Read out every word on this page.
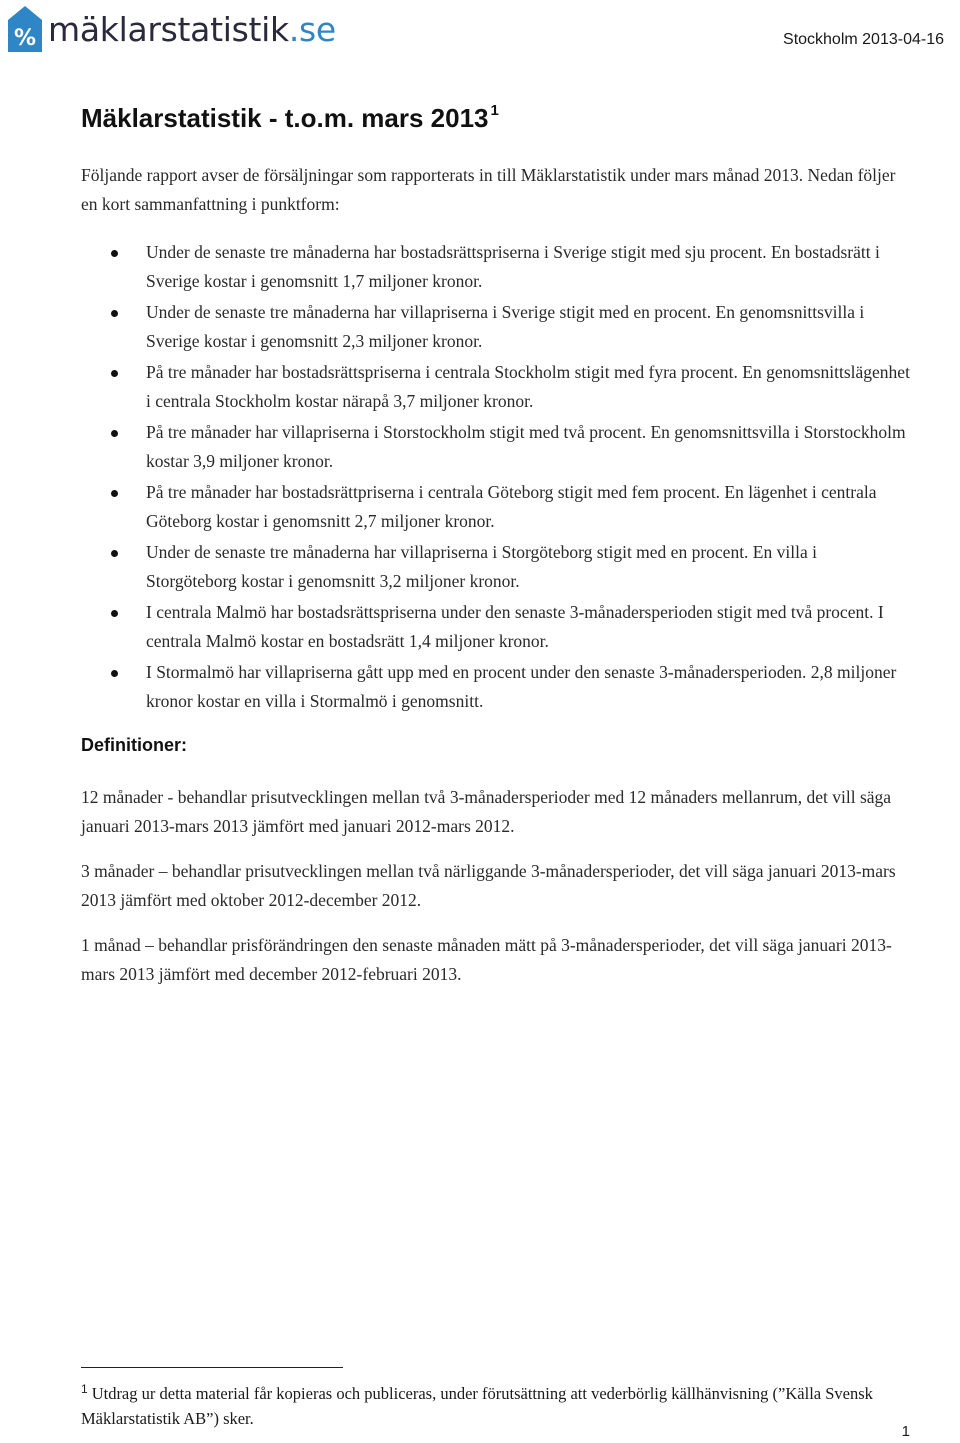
% mäklarstatistik.se	Stockholm 2013-04-16
Mäklarstatistik - t.o.m. mars 2013 $^1$

Följande rapport avser de försäljningar som rapporterats in till Mäklarstatistik under mars månad 2013. Nedan följer en kort sammanfattning i punktform:

Under de senaste tre månaderna har bostadsrättspriserna i Sverige stigit med sju procent. En bostadsrätt i Sverige kostar i genomsnitt 1,7 miljoner kronor.
Under de senaste tre månaderna har villapriserna i Sverige stigit med en procent. En genomsnittsvilla i Sverige kostar i genomsnitt 2,3 miljoner kronor.
På tre månader har bostadsrättspriserna i centrala Stockholm stigit med fyra procent. En genomsnittslägenhet i centrala Stockholm kostar närapå 3,7 miljoner kronor.
På tre månader har villapriserna i Storstockholm stigit med två procent. En genomsnittsvilla i Storstockholm kostar 3,9 miljoner kronor.
På tre månader har bostadsrättpriserna i centrala Göteborg stigit med fem procent. En lägenhet i centrala Göteborg kostar i genomsnitt 2,7 miljoner kronor.
Under de senaste tre månaderna har villapriserna i Storgöteborg stigit med en procent. En villa i Storgöteborg kostar i genomsnitt 3,2 miljoner kronor.
I centrala Malmö har bostadsrättspriserna under den senaste 3-månadersperioden stigit med två procent. I centrala Malmö kostar en bostadsrätt 1,4 miljoner kronor.
I Stormalmö har villapriserna gått upp med en procent under den senaste 3-månadersperioden. 2,8 miljoner kronor kostar en villa i Stormalmö i genomsnitt.
Definitioner:

12 månader - behandlar prisutvecklingen mellan två 3-månadersperioder med 12 månaders mellanrum, det vill säga januari 2013-mars 2013 jämfört med januari 2012-mars 2012.

3 månader – behandlar prisutvecklingen mellan två närliggande 3-månadersperioder, det vill säga januari 2013-mars 2013 jämfört med oktober 2012-december 2012.

1 månad – behandlar prisförändringen den senaste månaden mätt på 3-månadersperioder, det vill säga januari 2013-mars 2013 jämfört med december 2012-februari 2013.

$^1$ Utdrag ur detta material får kopieras och publiceras, under förutsättning att vederbörlig källhänvisning (”Källa Svensk Mäklarstatistik AB”) sker.

1
